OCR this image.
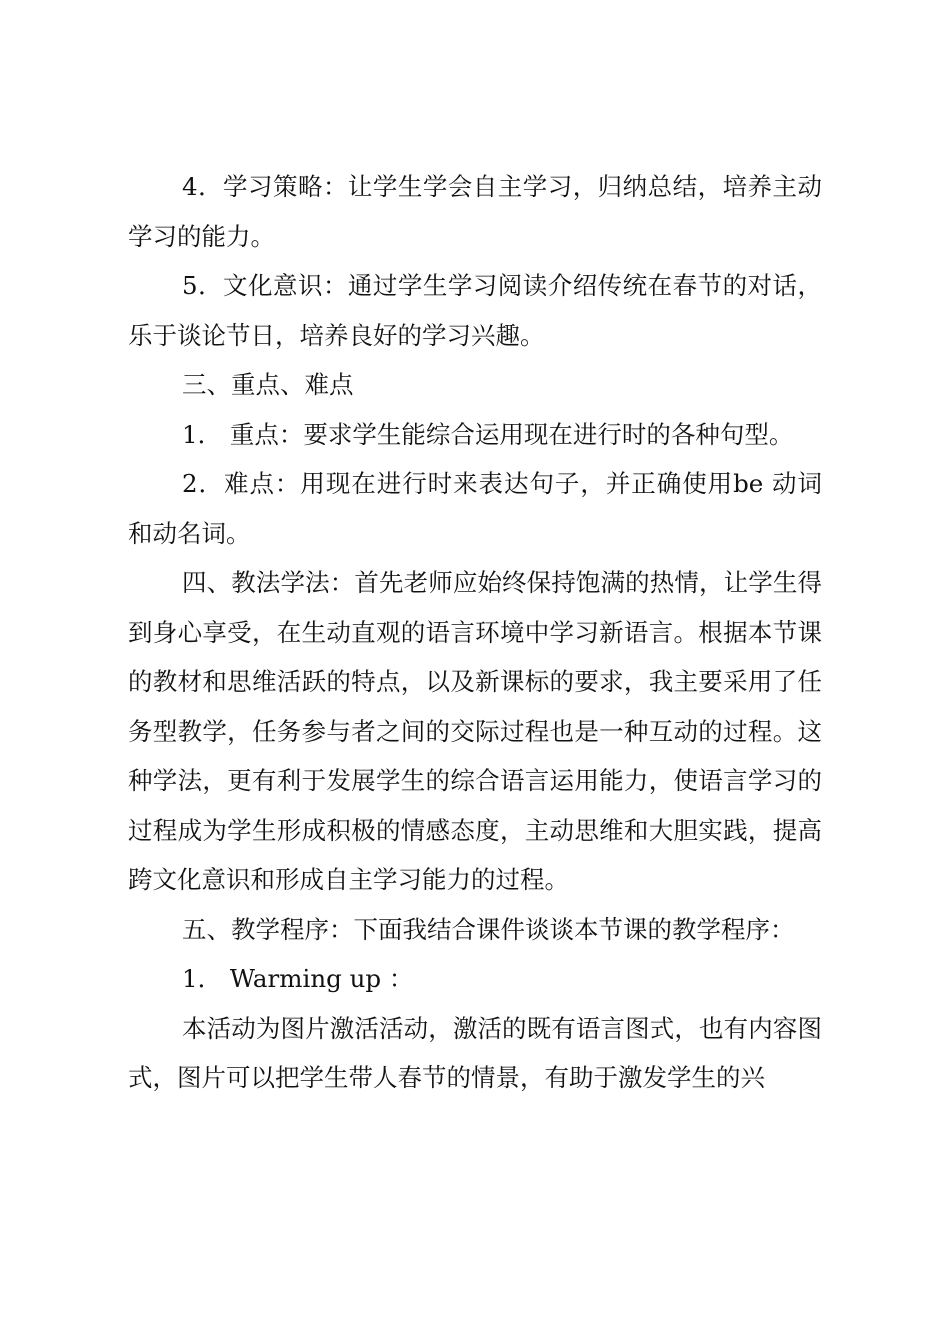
4．学习策略：让学生学会自主学习，归纳总结，培养主动学习的能力。

5．文化意识：通过学生学习阅读介绍传统在春节的对话，乐于谈论节日，培养良好的学习兴趣。

三、重点、难点

1． 重点：要求学生能综合运用现在进行时的各种句型。

2．难点：用现在进行时来表达句子，并正确使用be 动词和动名词。

四、教法学法：首先老师应始终保持饱满的热情，让学生得到身心享受，在生动直观的语言环境中学习新语言。根据本节课的教材和思维活跃的特点，以及新课标的要求，我主要采用了任务型教学，任务参与者之间的交际过程也是一种互动的过程。这种学法，更有利于发展学生的综合语言运用能力，使语言学习的过程成为学生形成积极的情感态度，主动思维和大胆实践，提高跨文化意识和形成自主学习能力的过程。

五、教学程序：下面我结合课件谈谈本节课的教学程序：

1． Warming up ：

本活动为图片激活活动，激活的既有语言图式，也有内容图式，图片可以把学生带人春节的情景，有助于激发学生的兴
